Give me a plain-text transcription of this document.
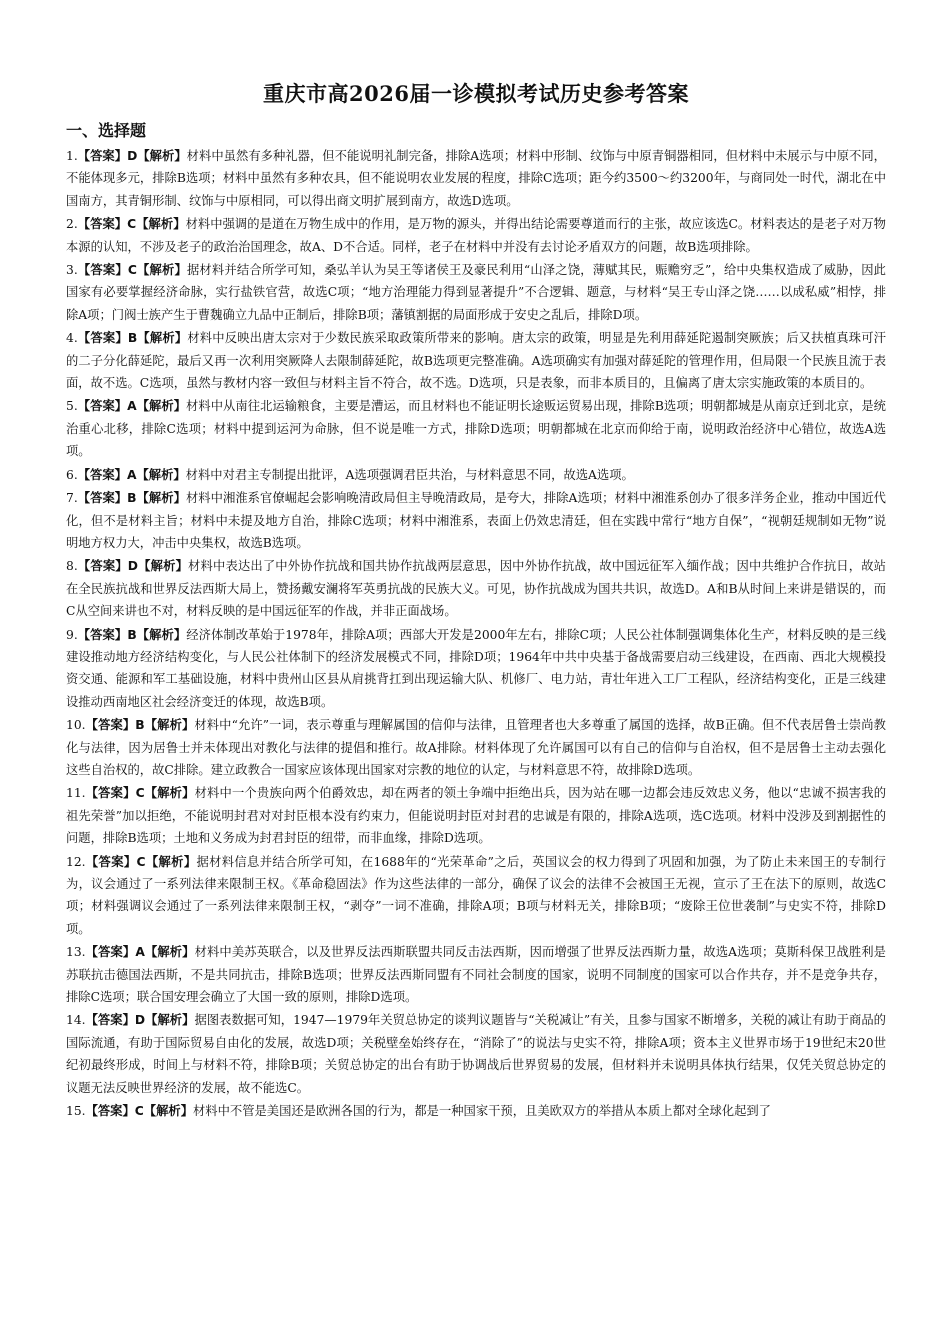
重庆市高2026届一诊模拟考试历史参考答案
一、选择题
1.【答案】D【解析】材料中虽然有多种礼器，但不能说明礼制完备，排除A选项；材料中形制、纹饰与中原青铜器相同，但材料中未展示与中原不同，不能体现多元，排除B选项；材料中虽然有多种农具，但不能说明农业发展的程度，排除C选项；距今约3500～约3200年，与商同处一时代，湖北在中国南方，其青铜形制、纹饰与中原相同，可以得出商文明扩展到南方，故选D选项。
2.【答案】C【解析】材料中强调的是道在万物生成中的作用，是万物的源头，并得出结论需要尊道而行的主张，故应该选C。材料表达的是老子对万物本源的认知，不涉及老子的政治治国理念，故A、D不合适。同样，老子在材料中并没有去讨论矛盾双方的问题，故B选项排除。
3.【答案】C【解析】据材料并结合所学可知，桑弘羊认为吴王等诸侯王及豪民利用“山泽之饶，薄赋其民，赈赡穷乏”，给中央集权造成了威胁，因此国家有必要掌握经济命脉，实行盐铁官营，故选C项；“地方治理能力得到显著提升”不合逻辑、题意，与材料“吴王专山泽之饶……以成私威”相悖，排除A项；门阀士族产生于曹魏确立九品中正制后，排除B项；藩镇割据的局面形成于安史之乱后，排除D项。
4.【答案】B【解析】材料中反映出唐太宗对于少数民族采取政策所带来的影响。唐太宗的政策，明显是先利用薛延陀遏制突厥族；后又扶植真珠可汗的二子分化薛延陀，最后又再一次利用突厥降人去限制薛延陀，故B选项更完整准确。A选项确实有加强对薛延陀的管理作用，但局限一个民族且流于表面，故不选。C选项，虽然与教材内容一致但与材料主旨不符合，故不选。D选项，只是表象，而非本质目的，且偏离了唐太宗实施政策的本质目的。
5.【答案】A【解析】材料中从南往北运输粮食，主要是漕运，而且材料也不能证明长途贩运贸易出现，排除B选项；明朝都城是从南京迁到北京，是统治重心北移，排除C选项；材料中提到运河为命脉，但不说是唯一方式，排除D选项；明朝都城在北京而仰给于南，说明政治经济中心错位，故选A选项。
6.【答案】A【解析】材料中对君主专制提出批评，A选项强调君臣共治，与材料意思不同，故选A选项。
7.【答案】B【解析】材料中湘淮系官僚崛起会影响晚清政局但主导晚清政局，是夸大，排除A选项；材料中湘淮系创办了很多洋务企业，推动中国近代化，但不是材料主旨；材料中未提及地方自治，排除C选项；材料中湘淮系，表面上仍效忠清廷，但在实践中常行“地方自保”，“视朝廷规制如无物”说明地方权力大，冲击中央集权，故选B选项。
8.【答案】D【解析】材料中表达出了中外协作抗战和国共协作抗战两层意思，因中外协作抗战，故中国远征军入缅作战；因中共维护合作抗日，故站在全民族抗战和世界反法西斯大局上，赞扬戴安澜将军英勇抗战的民族大义。可见，协作抗战成为国共共识，故选D。A和B从时间上来讲是错误的，而C从空间来讲也不对，材料反映的是中国远征军的作战，并非正面战场。
9.【答案】B【解析】经济体制改革始于1978年，排除A项；西部大开发是2000年左右，排除C项；人民公社体制强调集体化生产，材料反映的是三线建设推动地方经济结构变化，与人民公社体制下的经济发展模式不同，排除D项；1964年中共中央基于备战需要启动三线建设，在西南、西北大规模投资交通、能源和军工基础设施，材料中贵州山区县从肩挑背扛到出现运输大队、机修厂、电力站，青壮年进入工厂工程队，经济结构变化，正是三线建设推动西南地区社会经济变迁的体现，故选B项。
10.【答案】B【解析】材料中“允许”一词，表示尊重与理解属国的信仰与法律，且管理者也大多尊重了属国的选择，故B正确。但不代表居鲁士崇尚教化与法律，因为居鲁士并未体现出对教化与法律的提倡和推行。故A排除。材料体现了允许属国可以有自己的信仰与自治权，但不是居鲁士主动去强化这些自治权的，故C排除。建立政教合一国家应该体现出国家对宗教的地位的认定，与材料意思不符，故排除D选项。
11.【答案】C【解析】材料中一个贵族向两个伯爵效忠，却在两者的领土争端中拒绝出兵，因为站在哪一边都会违反效忠义务，他以“忠诚不损害我的祖先荣誉”加以拒绝，不能说明封君对对封臣根本没有约束力，但能说明封臣对封君的忠诚是有限的，排除A选项，选C选项。材料中没涉及到割据性的问题，排除B选项；土地和义务成为封君封臣的纽带，而非血缘，排除D选项。
12.【答案】C【解析】据材料信息并结合所学可知，在1688年的“光荣革命”之后，英国议会的权力得到了巩固和加强，为了防止未来国王的专制行为，议会通过了一系列法律来限制王权。《革命稳固法》作为这些法律的一部分，确保了议会的法律不会被国王无视，宣示了王在法下的原则，故选C项；材料强调议会通过了一系列法律来限制王权，“剥夺”一词不准确，排除A项；B项与材料无关，排除B项；“废除王位世袭制”与史实不符，排除D项。
13.【答案】A【解析】材料中美苏英联合，以及世界反法西斯联盟共同反击法西斯，因而增强了世界反法西斯力量，故选A选项；莫斯科保卫战胜利是苏联抗击德国法西斯，不是共同抗击，排除B选项；世界反法西斯同盟有不同社会制度的国家，说明不同制度的国家可以合作共存，并不是竞争共存，排除C选项；联合国安理会确立了大国一致的原则，排除D选项。
14.【答案】D【解析】据图表数据可知，1947—1979年关贸总协定的谈判议题皆与“关税减让”有关，且参与国家不断增多，关税的减让有助于商品的国际流通，有助于国际贸易自由化的发展，故选D项；关税壁垒始终存在，“消除了”的说法与史实不符，排除A项；资本主义世界市场于19世纪末20世纪初最终形成，时间上与材料不符，排除B项；关贸总协定的出台有助于协调战后世界贸易的发展，但材料并未说明具体执行结果，仅凭关贸总协定的议题无法反映世界经济的发展，故不能选C。
15.【答案】C【解析】材料中不管是美国还是欧洲各国的行为，都是一种国家干预，且美欧双方的举措从本质上都对全球化起到了
